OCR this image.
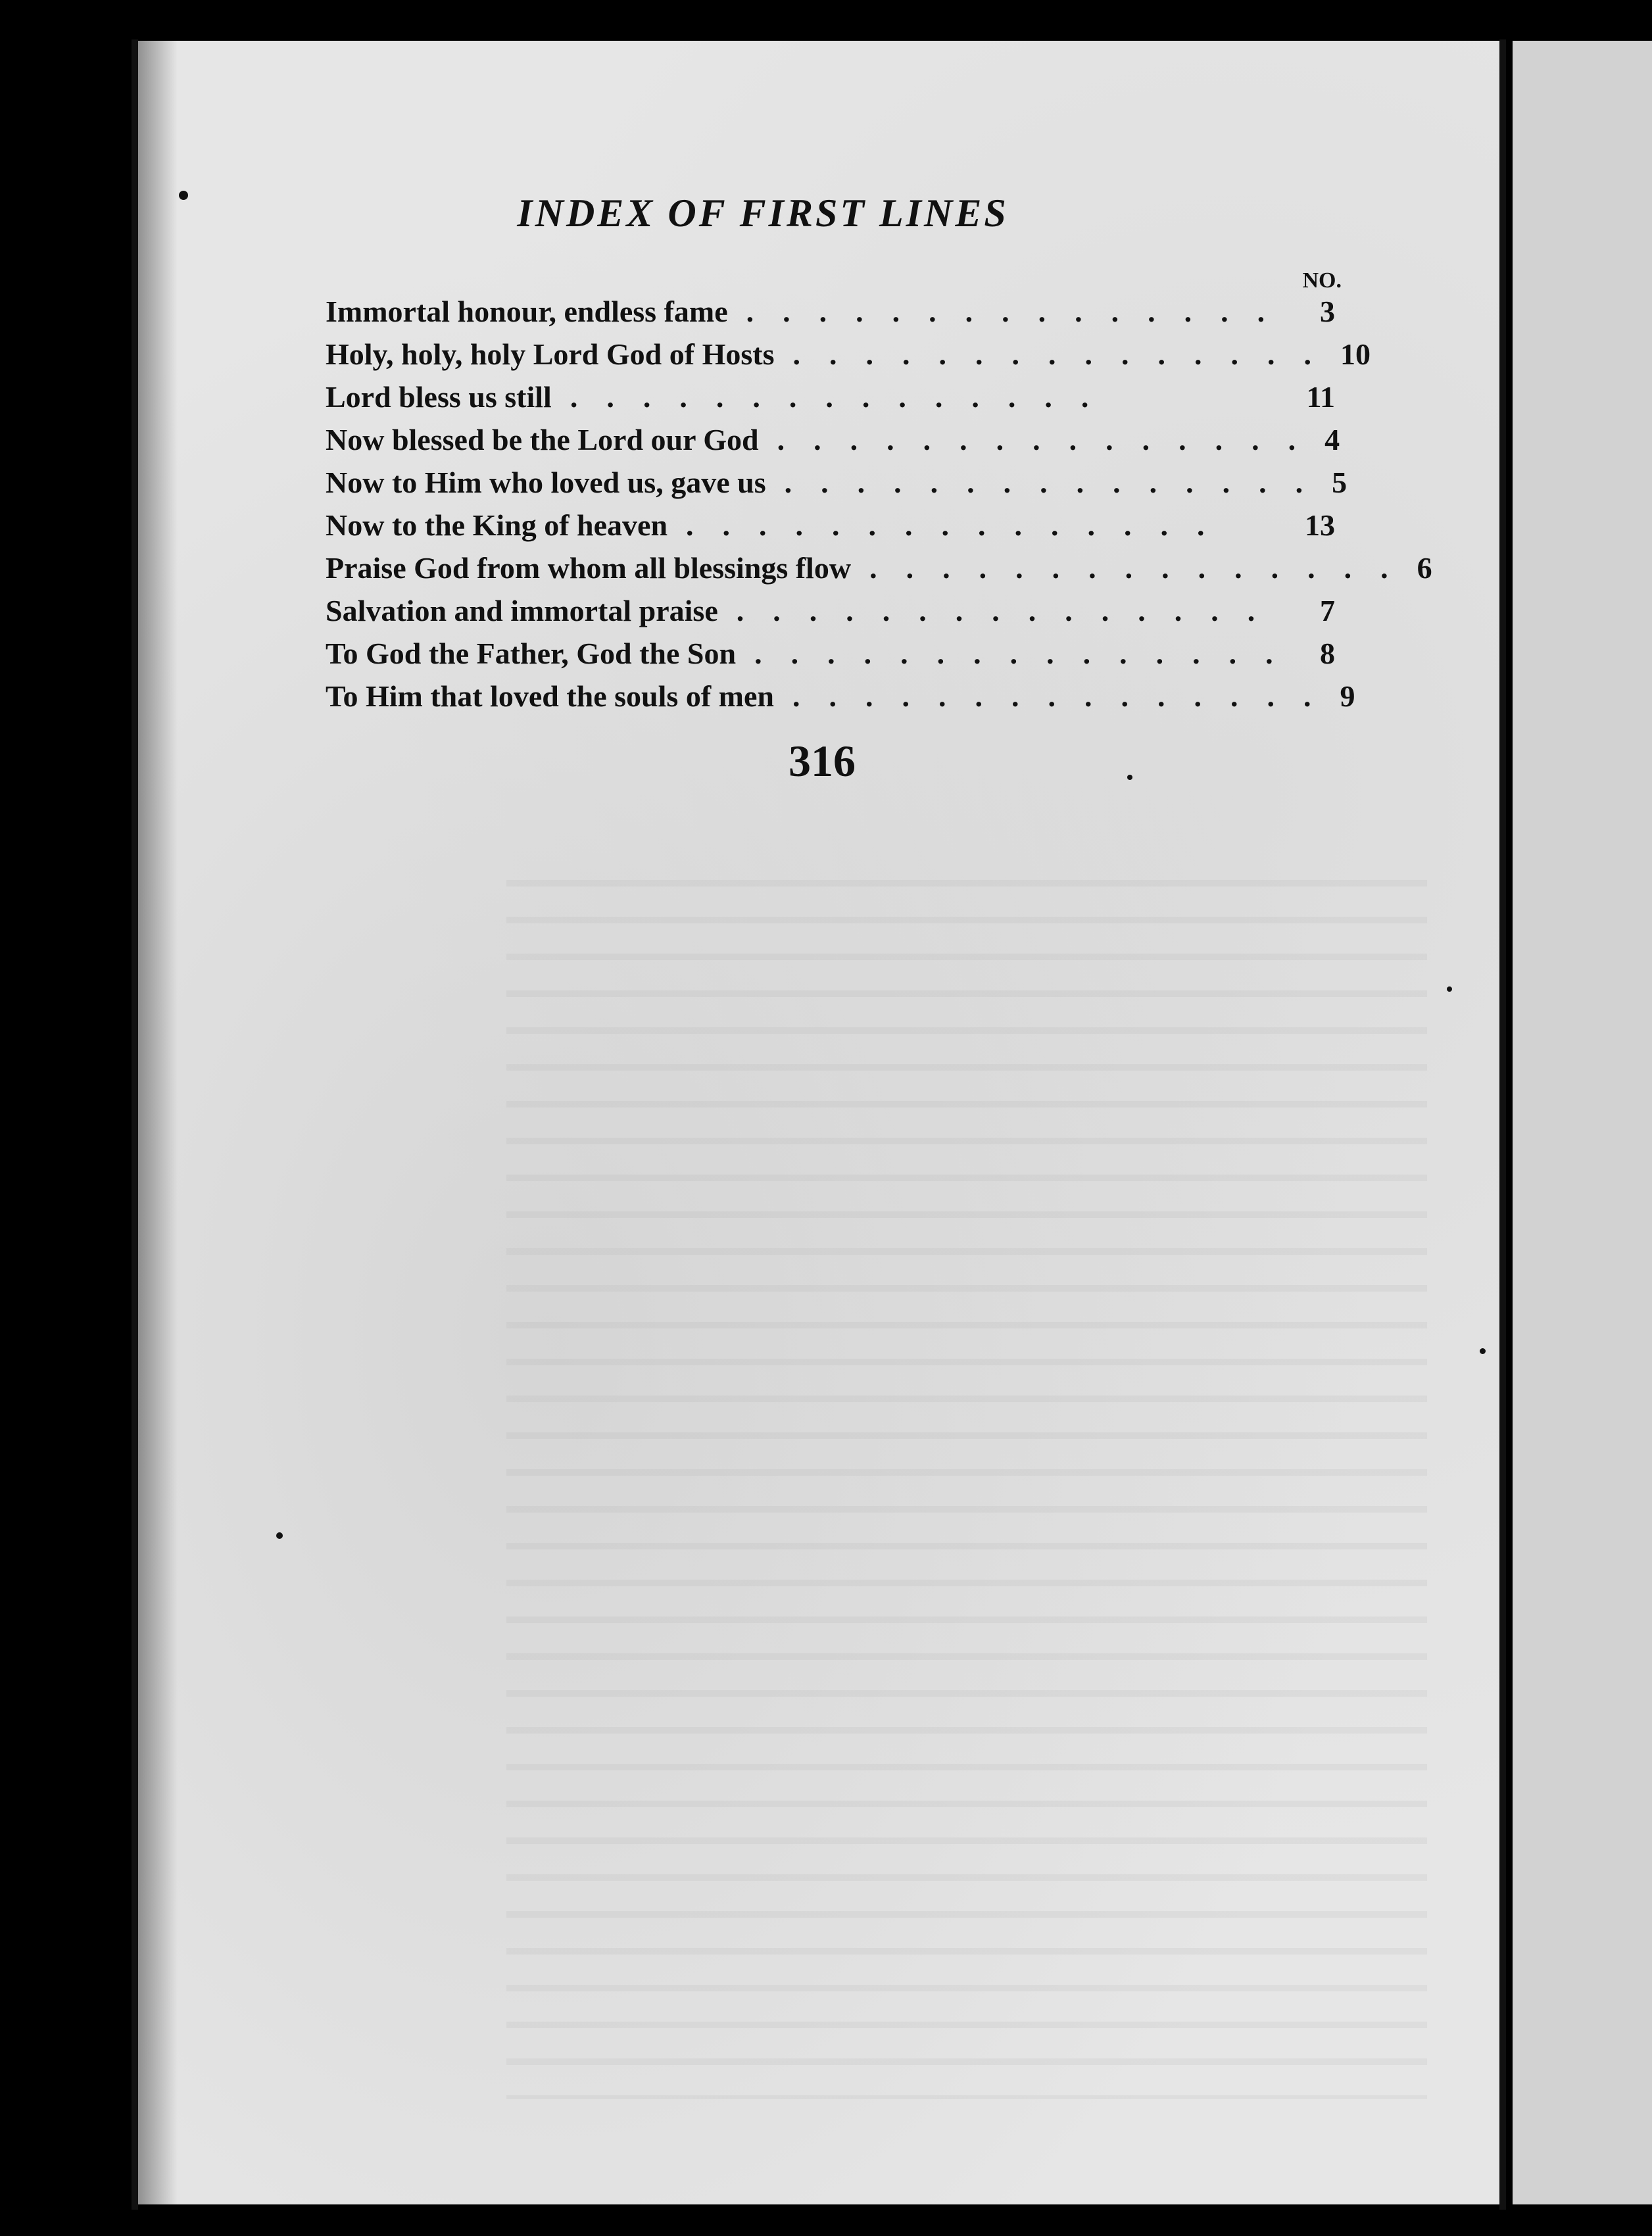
INDEX OF FIRST LINES
NO.
Immortal honour, endless fame ............... 3
Holy, holy, holy Lord God of Hosts ............... 10
Lord bless us still ...............	11
Now blessed be the Lord our God ............... 4
Now to Him who loved us, gave us ............... 5
Now to the King of heaven ...............	13
Praise God from whom all blessings flow ............... 6
Salvation and immortal praise ...............	7
To God the Father, God the Son ............... 8
To Him that loved the souls of men ............... 9
316
